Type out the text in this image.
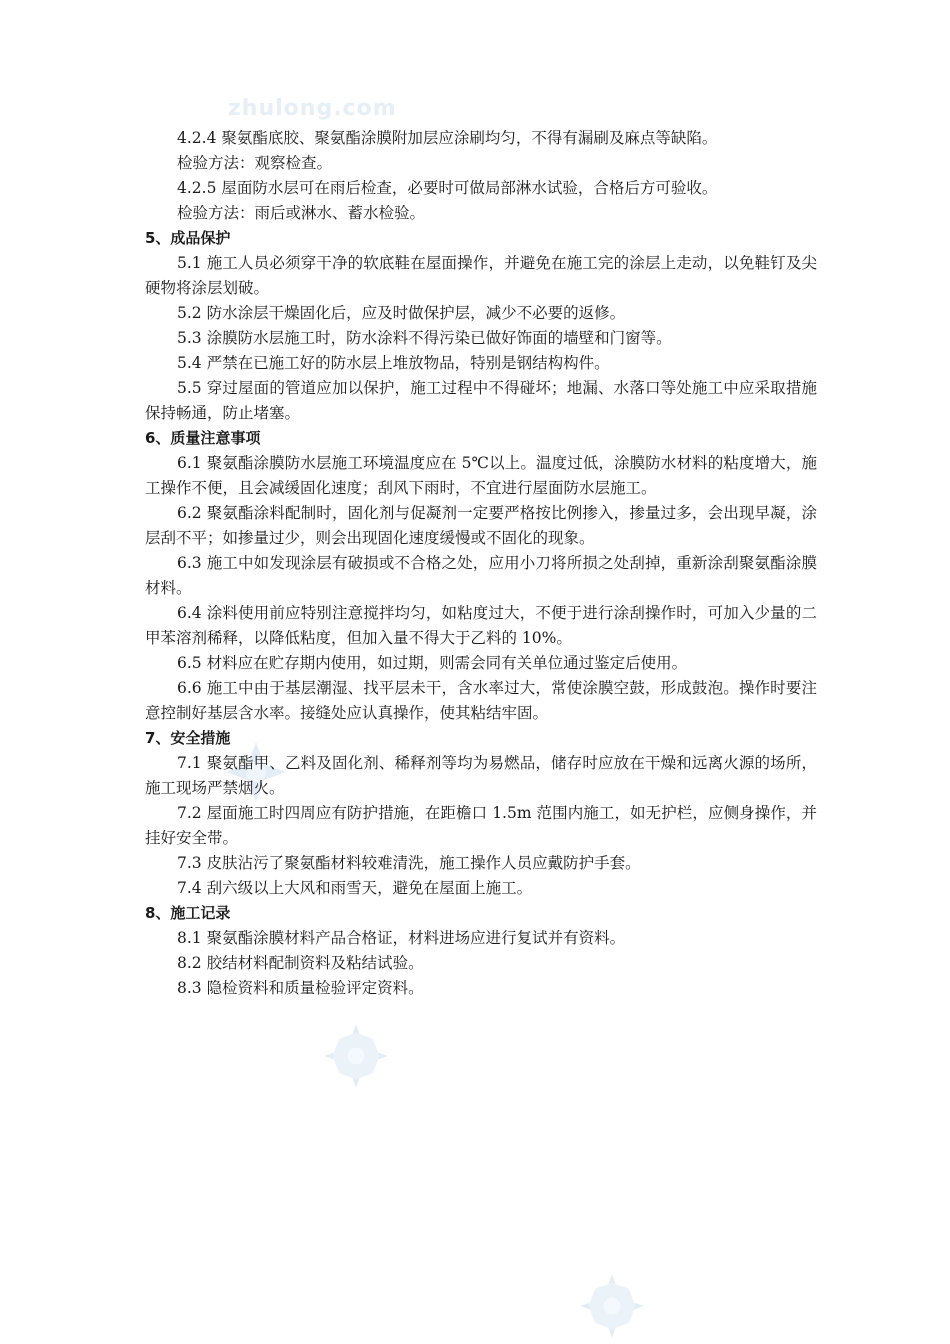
zhulong.com

4.2.4 聚氨酯底胶、聚氨酯涂膜附加层应涂刷均匀，不得有漏刷及麻点等缺陷。

检验方法：观察检查。

4.2.5 屋面防水层可在雨后检查，必要时可做局部淋水试验，合格后方可验收。

检验方法：雨后或淋水、蓄水检验。

5、成品保护

5.1 施工人员必须穿干净的软底鞋在屋面操作，并避免在施工完的涂层上走动，以免鞋钉及尖硬物将涂层划破。

5.2 防水涂层干燥固化后，应及时做保护层，减少不必要的返修。

5.3 涂膜防水层施工时，防水涂料不得污染已做好饰面的墙壁和门窗等。

5.4 严禁在已施工好的防水层上堆放物品，特别是钢结构构件。

5.5 穿过屋面的管道应加以保护，施工过程中不得碰坏；地漏、水落口等处施工中应采取措施保持畅通，防止堵塞。

6、质量注意事项

6.1 聚氨酯涂膜防水层施工环境温度应在 5℃以上。温度过低，涂膜防水材料的粘度增大，施工操作不便，且会减缓固化速度；刮风下雨时，不宜进行屋面防水层施工。

6.2 聚氨酯涂料配制时，固化剂与促凝剂一定要严格按比例掺入，掺量过多，会出现早凝，涂层刮不平；如掺量过少，则会出现固化速度缓慢或不固化的现象。

6.3 施工中如发现涂层有破损或不合格之处，应用小刀将所损之处刮掉，重新涂刮聚氨酯涂膜材料。

6.4 涂料使用前应特别注意搅拌均匀，如粘度过大，不便于进行涂刮操作时，可加入少量的二甲苯溶剂稀释，以降低粘度，但加入量不得大于乙料的 10%。

6.5 材料应在贮存期内使用，如过期，则需会同有关单位通过鉴定后使用。

6.6 施工中由于基层潮湿、找平层未干，含水率过大，常使涂膜空鼓，形成鼓泡。操作时要注意控制好基层含水率。接缝处应认真操作，使其粘结牢固。

7、安全措施

7.1 聚氨酯甲、乙料及固化剂、稀释剂等均为易燃品，储存时应放在干燥和远离火源的场所，施工现场严禁烟火。

7.2 屋面施工时四周应有防护措施，在距檐口 1.5m 范围内施工，如无护栏，应侧身操作，并挂好安全带。

7.3 皮肤沾污了聚氨酯材料较难清洗，施工操作人员应戴防护手套。

7.4 刮六级以上大风和雨雪天，避免在屋面上施工。

8、施工记录

8.1 聚氨酯涂膜材料产品合格证，材料进场应进行复试并有资料。

8.2 胶结材料配制资料及粘结试验。

8.3 隐检资料和质量检验评定资料。
